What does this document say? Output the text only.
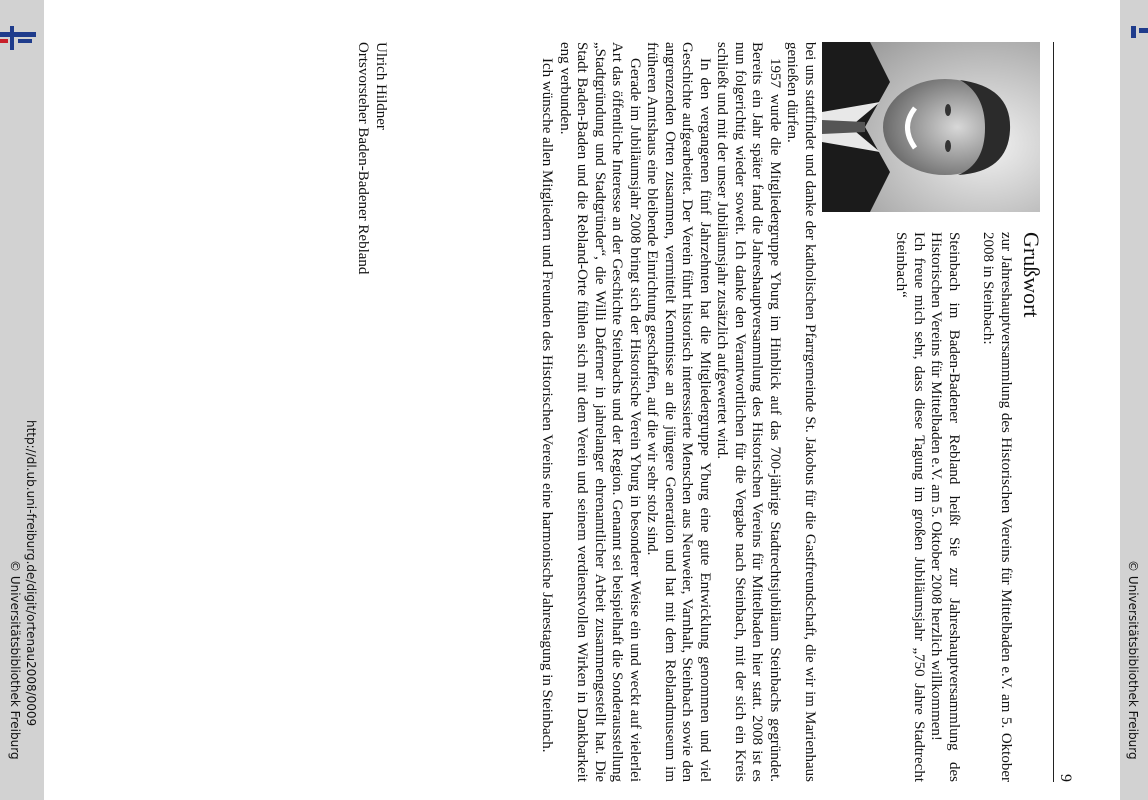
http://dl.ub.uni-freiburg.de/digit/ortenau2008/0009
© Universitätsbibliothek Freiburg	© Universitätsbibliothek Freiburg
9
Grußwort

zur Jahreshauptversammlung des Historischen Vereins für Mittelbaden e.V. am 5. Oktober 2008 in Steinbach:

Steinbach im Baden-Badener Rebland heißt Sie zur Jahreshauptversammlung des Historischen Vereins für Mittelbaden e.V. am 5. Oktober 2008 herzlich willkommen!

Ich freue mich sehr, dass diese Tagung im großen Jubiläumsjahr „750 Jahre Stadtrecht Steinbach“

bei uns stattfindet und danke der katholischen Pfarrgemeinde St. Jakobus für die Gastfreundschaft, die wir im Marienhaus genießen dürfen.

1957 wurde die Mitgliedergruppe Yburg im Hinblick auf das 700-jährige Stadtrechtsjubiläum Steinbachs gegründet. Bereits ein Jahr später fand die Jahreshauptversammlung des Historischen Vereins für Mittelbaden hier statt. 2008 ist es nun folgerichtig wieder soweit. Ich danke den Verantwortlichen für die Vergabe nach Steinbach, mit der sich ein Kreis schließt und mit der unser Jubiläumsjahr zusätzlich aufgewertet wird.

In den vergangenen fünf Jahrzehnten hat die Mitgliedergruppe Yburg eine gute Entwicklung genommen und viel Geschichte aufgearbeitet. Der Verein führt historisch interessierte Menschen aus Neuweier, Varnhalt, Steinbach sowie den angrenzenden Orten zusammen, vermittelt Kenntnisse an die jüngere Generation und hat mit dem Reblandmuseum im früheren Amtshaus eine bleibende Einrichtung geschaffen, auf die wir sehr stolz sind.

Gerade im Jubiläumsjahr 2008 bringt sich der Historische Verein Yburg in besonderer Weise ein und weckt auf vielerlei Art das öffentliche Interesse an der Geschichte Steinbachs und der Region. Genannt sei beispielhaft die Sonderausstellung „Stadtgründung und Stadtgründer“, die Willi Daferner in jahrelanger ehrenamtlicher Arbeit zusammengestellt hat. Die Stadt Baden-Baden und die Rebland-Orte fühlen sich mit dem Verein und seinem verdienstvollen Wirken in Dankbarkeit eng verbunden.

Ich wünsche allen Mitgliedern und Freunden des Historischen Vereins eine harmonische Jahrestagung in Steinbach.

Ulrich Hildner
Ortsvorsteher Baden-Badener Rebland
